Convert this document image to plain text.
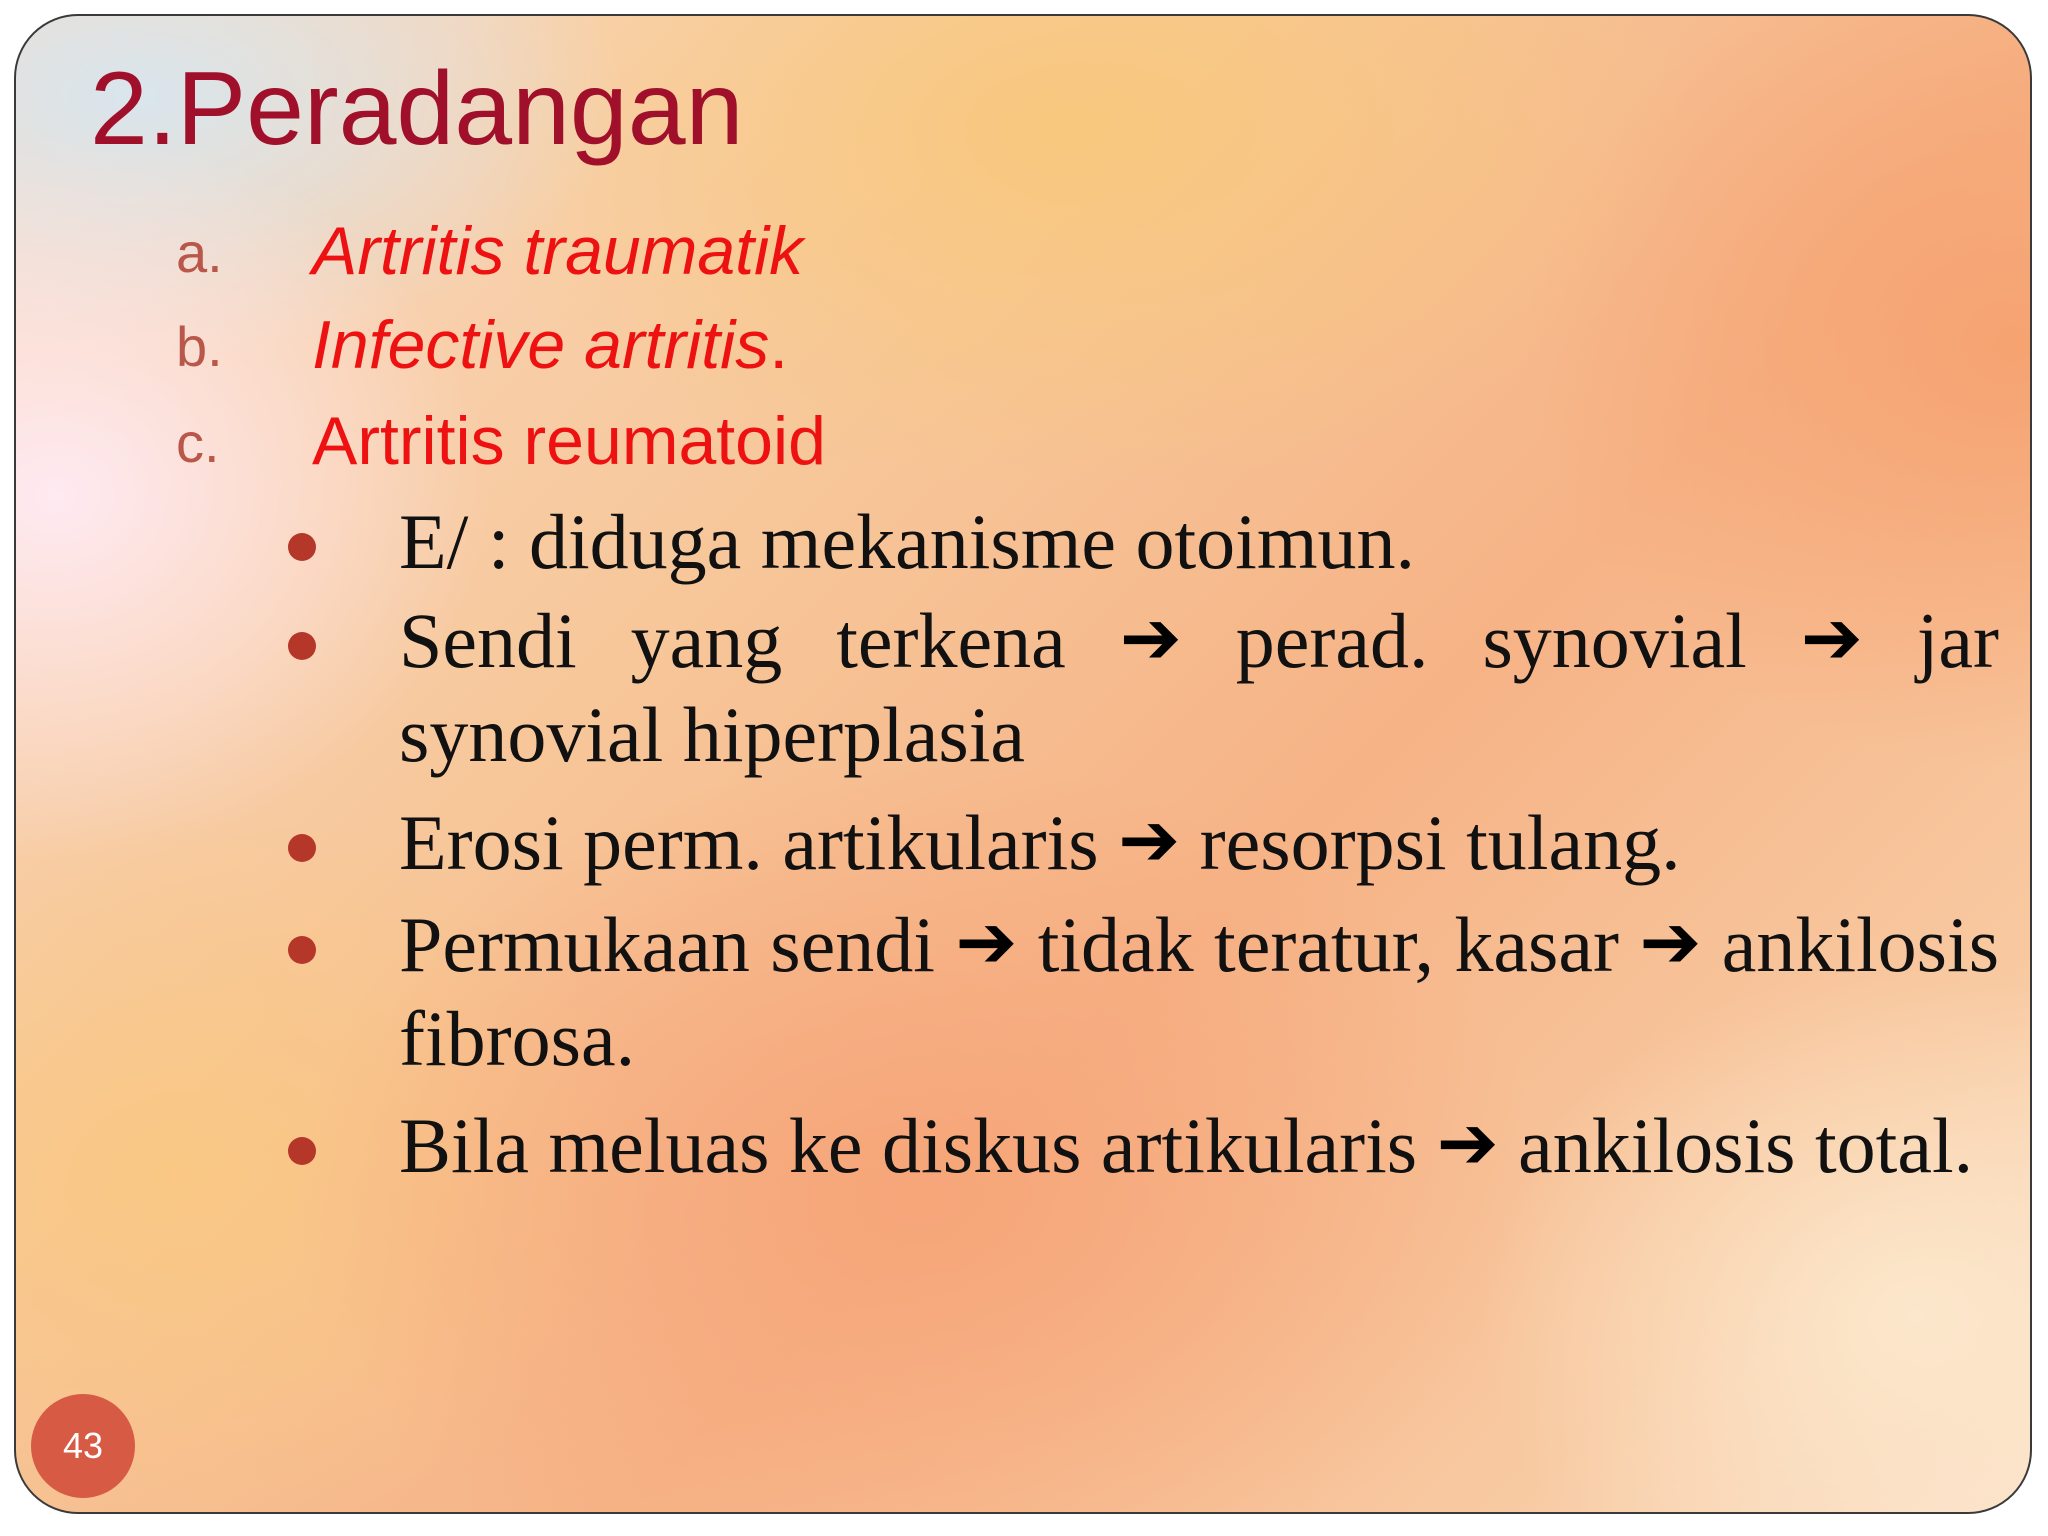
2.Peradangan
a. Artritis traumatik
b. Infective artritis.
c. Artritis reumatoid

E/ : diduga mekanisme otoimun.

Sendi yang terkena ➔ perad. synovial ➔ jar synovial hiperplasia

Erosi perm. artikularis ➔ resorpsi tulang.

Permukaan sendi ➔ tidak teratur, kasar ➔ ankilosis fibrosa.

Bila meluas ke diskus artikularis ➔ ankilosis total.

43
